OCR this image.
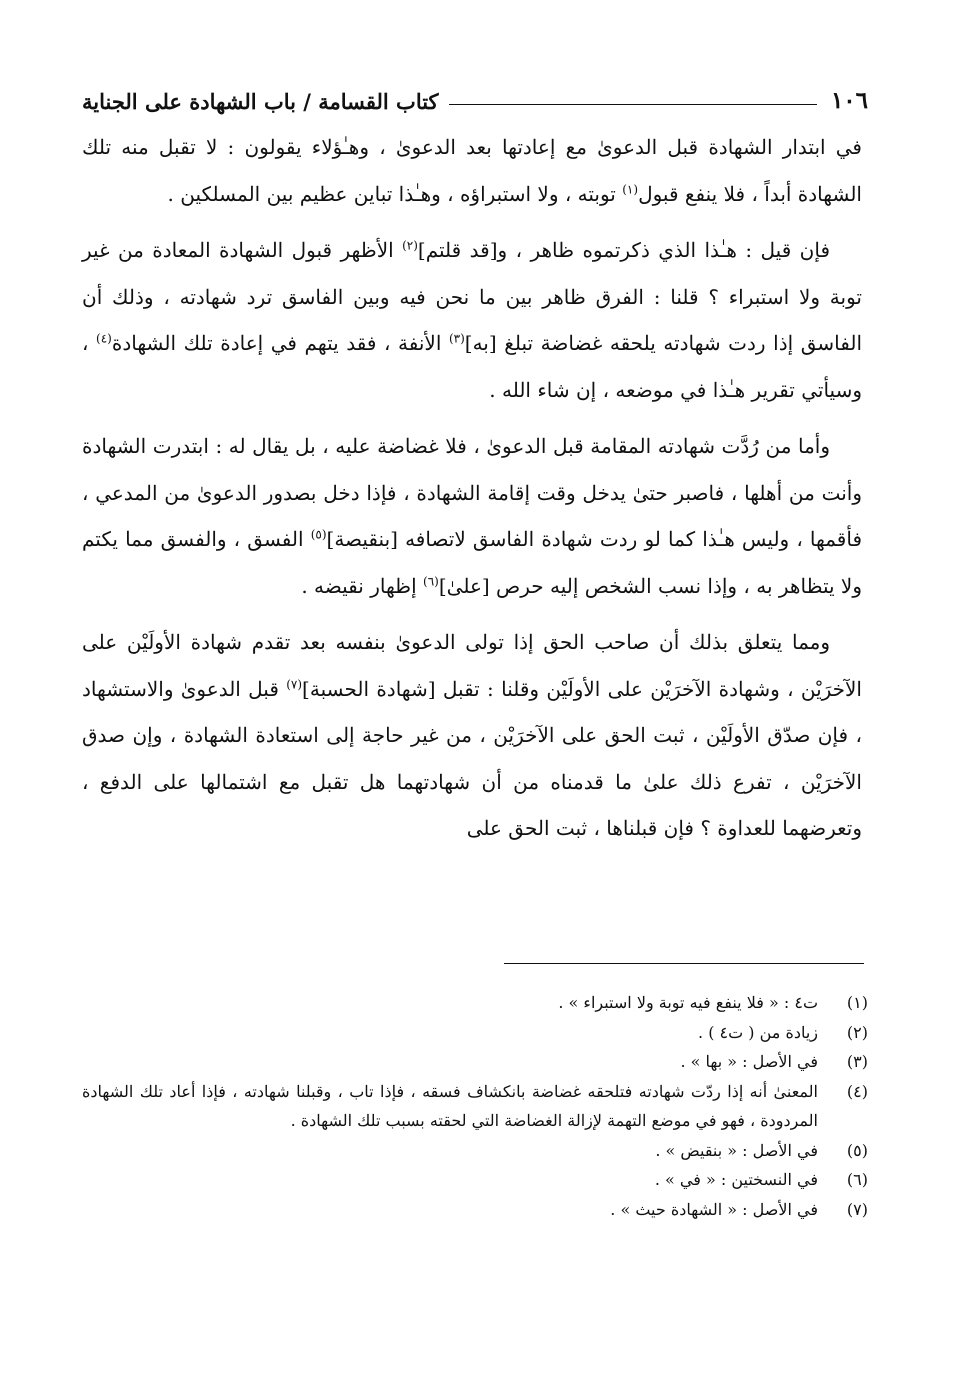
١٠٦
كتاب القسامة / باب الشهادة على الجناية

في ابتدار الشهادة قبل الدعوىٰ مع إعادتها بعد الدعوىٰ ، وهـٰؤلاء يقولون : لا تقبل منه تلك الشهادة أبداً ، فلا ينفع قبول$^{(١)}$ توبته ، ولا استبراؤه ، وهـٰذا تباين عظيم بين المسلكين .

فإن قيل : هـٰذا الذي ذكرتموه ظاهر ، و[قد قلتم]$^{(٢)}$ الأظهر قبول الشهادة المعادة من غير توبة ولا استبراء ؟ قلنا : الفرق ظاهر بين ما نحن فيه وبين الفاسق ترد شهادته ، وذلك أن الفاسق إذا ردت شهادته يلحقه غضاضة تبلغ [به]$^{(٣)}$ الأنفة ، فقد يتهم في إعادة تلك الشهادة$^{(٤)}$ ، وسيأتي تقرير هـٰذا في موضعه ، إن شاء الله .

وأما من رُدَّت شهادته المقامة قبل الدعوىٰ ، فلا غضاضة عليه ، بل يقال له : ابتدرت الشهادة وأنت من أهلها ، فاصبر حتىٰ يدخل وقت إقامة الشهادة ، فإذا دخل بصدور الدعوىٰ من المدعي ، فأقمها ، وليس هـٰذا كما لو ردت شهادة الفاسق لاتصافه [بنقيصة]$^{(٥)}$ الفسق ، والفسق مما يكتم ولا يتظاهر به ، وإذا نسب الشخص إليه حرص [علىٰ]$^{(٦)}$ إظهار نقيضه .

ومما يتعلق بذلك أن صاحب الحق إذا تولى الدعوىٰ بنفسه بعد تقدم شهادة الأولَيْن على الآخرَيْن ، وشهادة الآخرَيْن على الأولَيْن وقلنا : تقبل [شهادة الحسبة]$^{(٧)}$ قبل الدعوىٰ والاستشهاد ، فإن صدّق الأولَيْن ، ثبت الحق على الآخرَيْن ، من غير حاجة إلى استعادة الشهادة ، وإن صدق الآخرَيْن ، تفرع ذلك علىٰ ما قدمناه من أن شهادتهما هل تقبل مع اشتمالها على الدفع ، وتعرضهما للعداوة ؟ فإن قبلناها ، ثبت الحق على

(١)
ت٤ : « فلا ينفع فيه توبة ولا استبراء » .
(٢)
زيادة من ( ت٤ ) .
(٣)
في الأصل : « بها » .
(٤)
المعنىٰ أنه إذا ردّت شهادته فتلحقه غضاضة بانكشاف فسقه ، فإذا تاب ، وقبلنا شهادته ، فإذا أعاد تلك الشهادة المردودة ، فهو في موضع التهمة لإزالة الغضاضة التي لحقته بسبب تلك الشهادة .
(٥)
في الأصل : « بنقيض » .
(٦)
في النسختين : « في » .
(٧)
في الأصل : « الشهادة حيث » .
